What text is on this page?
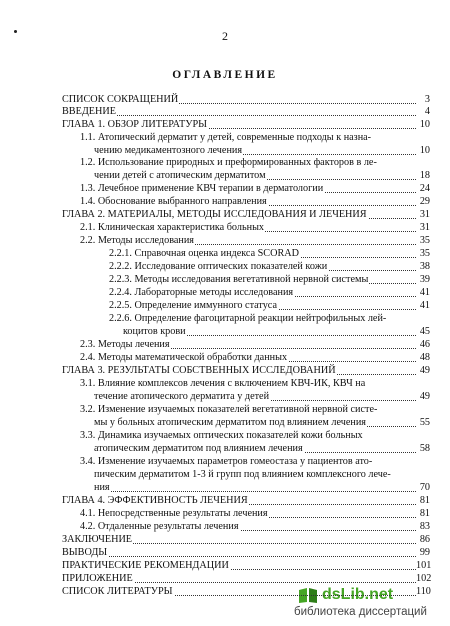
2
ОГЛАВЛЕНИЕ
СПИСОК СОКРАЩЕНИЙ	3
ВВЕДЕНИЕ	4
ГЛАВА 1. ОБЗОР ЛИТЕРАТУРЫ	10
1.1. Атопический дерматит у детей, современные подходы к назна-
чению медикаментозного лечения	10
1.2. Использование природных и преформированных факторов в ле-
чении детей с атопическим дерматитом	18
1.3. Лечебное применение КВЧ терапии в дерматологии	24
1.4. Обоснование выбранного направления	29
ГЛАВА 2. МАТЕРИАЛЫ, МЕТОДЫ ИССЛЕДОВАНИЯ И ЛЕЧЕНИЯ	31
2.1. Клиническая характеристика больных	31
2.2. Методы исследования	35
2.2.1. Справочная оценка индекса SCORAD	35
2.2.2. Исследование оптических показателей кожи	38
2.2.3. Методы исследования вегетативной нервной системы	39
2.2.4. Лабораторные методы исследования	41
2.2.5. Определение иммунного статуса	41
2.2.6. Определение фагоцитарной реакции нейтрофильных лей-
коцитов крови	45
2.3. Методы лечения	46
2.4. Методы математической обработки данных	48
ГЛАВА 3. РЕЗУЛЬТАТЫ СОБСТВЕННЫХ ИССЛЕДОВАНИЙ	49
3.1. Влияние комплексов лечения с включением КВЧ-ИК, КВЧ на
течение атопического дерматита у детей	49
3.2. Изменение изучаемых показателей вегетативной нервной систе-
мы у больных атопическим дерматитом под влиянием лечения	55
3.3. Динамика изучаемых оптических показателей кожи больных
атопическим дерматитом под влиянием лечения	58
3.4. Изменение изучаемых параметров гомеостаза у пациентов ато-
пическим дерматитом 1-3 й групп под влиянием комплексного лече-
ния	70
ГЛАВА 4. ЭФФЕКТИВНОСТЬ ЛЕЧЕНИЯ	81
4.1. Непосредственные результаты лечения	81
4.2. Отдаленные результаты лечения	83
ЗАКЛЮЧЕНИЕ	86
ВЫВОДЫ	99
ПРАКТИЧЕСКИЕ РЕКОМЕНДАЦИИ	101
ПРИЛОЖЕНИЕ	102
СПИСОК ЛИТЕРАТУРЫ	110
dsLib.net
библиотека диссертаций
